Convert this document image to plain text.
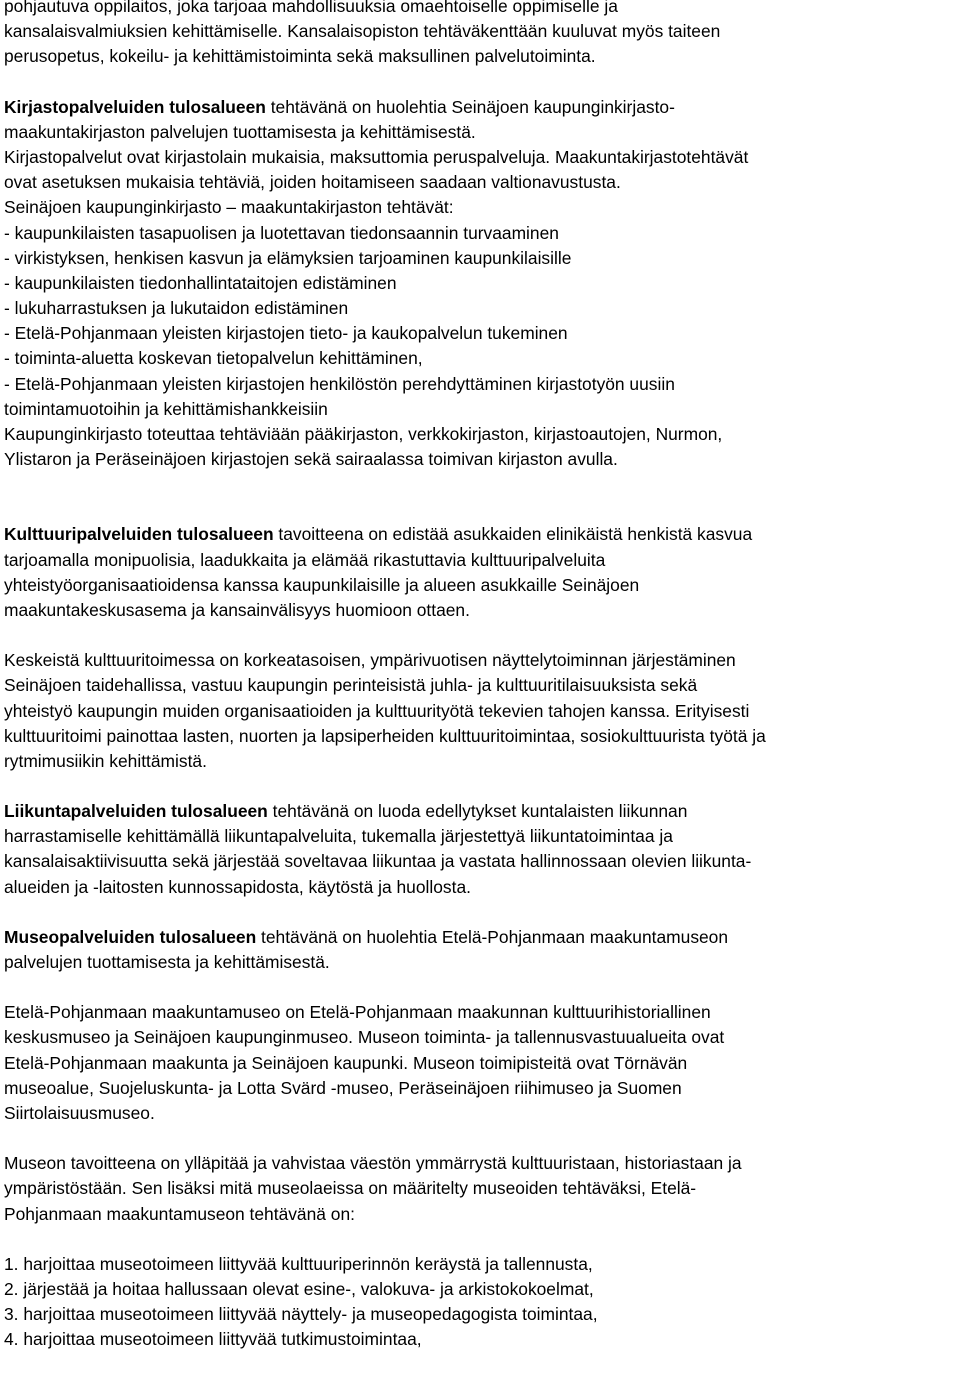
pohjautuva oppilaitos, joka tarjoaa mahdollisuuksia omaehtoiselle oppimiselle ja
kansalaisvalmiuksien kehittämiselle. Kansalaisopiston tehtäväkenttään kuuluvat myös taiteen
perusopetus, kokeilu- ja kehittämistoiminta sekä maksullinen palvelutoiminta.
Kirjastopalveluiden tulosalueen tehtävänä on huolehtia Seinäjoen kaupunginkirjasto-
maakuntakirjaston palvelujen tuottamisesta ja kehittämisestä.
Kirjastopalvelut ovat kirjastolain mukaisia, maksuttomia peruspalveluja. Maakuntakirjastotehtävät
ovat asetuksen mukaisia tehtäviä, joiden hoitamiseen saadaan valtionavustusta.
Seinäjoen kaupunginkirjasto – maakuntakirjaston tehtävät:
- kaupunkilaisten tasapuolisen ja luotettavan tiedonsaannin turvaaminen
- virkistyksen, henkisen kasvun ja elämyksien tarjoaminen kaupunkilaisille
- kaupunkilaisten tiedonhallintataitojen edistäminen
- lukuharrastuksen ja lukutaidon edistäminen
- Etelä-Pohjanmaan yleisten kirjastojen tieto- ja kaukopalvelun tukeminen
- toiminta-aluetta koskevan tietopalvelun kehittäminen,
- Etelä-Pohjanmaan yleisten kirjastojen henkilöstön perehdyttäminen kirjastotyön uusiin
toimintamuotoihin ja kehittämishankkeisiin
Kaupunginkirjasto toteuttaa tehtäviään pääkirjaston, verkkokirjaston, kirjastoautojen, Nurmon,
Ylistaron ja Peräseinäjoen kirjastojen sekä sairaalassa toimivan kirjaston avulla.
Kulttuuripalveluiden tulosalueen tavoitteena on edistää asukkaiden elinikäistä henkistä kasvua
tarjoamalla monipuolisia, laadukkaita ja elämää rikastuttavia kulttuuripalveluita
yhteistyöorganisaatioidensa kanssa kaupunkilaisille ja alueen asukkaille Seinäjoen
maakuntakeskusasema ja kansainvälisyys huomioon ottaen.
Keskeistä kulttuuritoimessa on korkeatasoisen, ympärivuotisen näyttelytoiminnan järjestäminen
Seinäjoen taidehallissa, vastuu kaupungin perinteisistä juhla- ja kulttuuritilaisuuksista sekä
yhteistyö kaupungin muiden organisaatioiden ja kulttuurityötä tekevien tahojen kanssa. Erityisesti
kulttuuritoimi painottaa lasten, nuorten ja lapsiperheiden kulttuuritoimintaa, sosiokulttuurista työtä ja
rytmimusiikin kehittämistä.
Liikuntapalveluiden tulosalueen tehtävänä on luoda edellytykset kuntalaisten liikunnan
harrastamiselle kehittämällä liikuntapalveluita, tukemalla järjestettyä liikuntatoimintaa ja
kansalaisaktiivisuutta sekä järjestää soveltavaa liikuntaa ja vastata hallinnossaan olevien liikunta-
alueiden ja -laitosten kunnossapidosta, käytöstä ja huollosta.
Museopalveluiden tulosalueen tehtävänä on huolehtia Etelä-Pohjanmaan maakuntamuseon
palvelujen tuottamisesta ja kehittämisestä.
Etelä-Pohjanmaan maakuntamuseo on Etelä-Pohjanmaan maakunnan kulttuurihistoriallinen
keskusmuseo ja Seinäjoen kaupunginmuseo. Museon toiminta- ja tallennusvastuualueita ovat
Etelä-Pohjanmaan maakunta ja Seinäjoen kaupunki. Museon toimipisteitä ovat Törnävän
museoalue, Suojeluskunta- ja Lotta Svärd -museo, Peräseinäjoen riihimuseo ja Suomen
Siirtolaisuusmuseo.
Museon tavoitteena on ylläpitää ja vahvistaa väestön ymmärrystä kulttuuristaan, historiastaan ja
ympäristöstään. Sen lisäksi mitä museolaeissa on määritelty museoiden tehtäväksi, Etelä-
Pohjanmaan maakuntamuseon tehtävänä on:
1. harjoittaa museotoimeen liittyvää kulttuuriperinnön keräystä ja tallennusta,
2. järjestää ja hoitaa hallussaan olevat esine-, valokuva- ja arkistokokoelmat,
3. harjoittaa museotoimeen liittyvää näyttely- ja museopedagogista toimintaa,
4. harjoittaa museotoimeen liittyvää tutkimustoimintaa,
